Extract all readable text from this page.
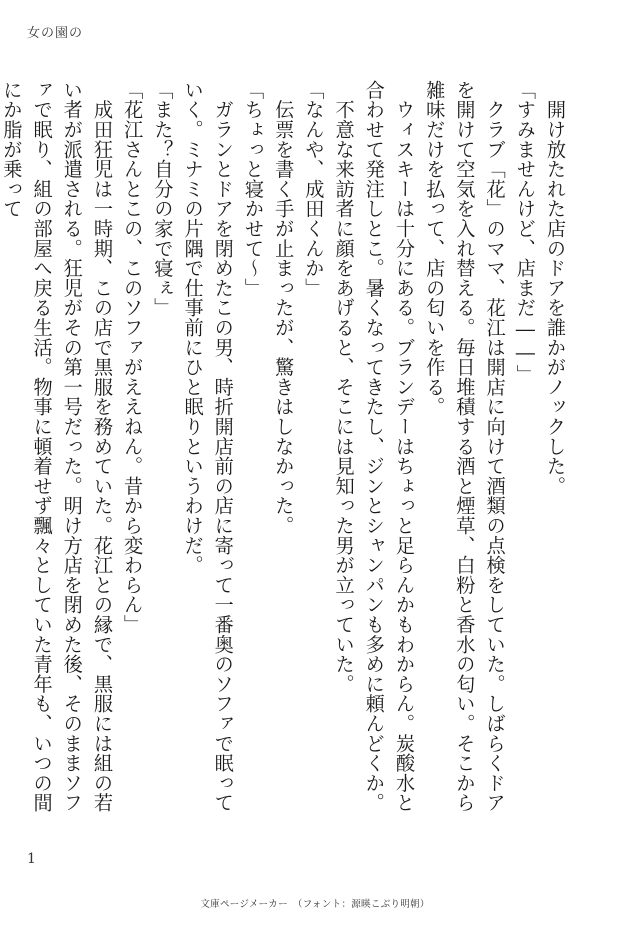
女の園の

　開け放たれた店のドアを誰かがノックした。

「すみませんけど、店まだ――」

　クラブ「花」のママ、花江は開店に向けて酒類の点検をしていた。しばらくドアを開けて空気を入れ替える。毎日堆積する酒と煙草、白粉と香水の匂い。そこから雑味だけを払って、店の匂いを作る。

　ウィスキーは十分にある。ブランデーはちょっと足らんかもわからん。炭酸水と合わせて発注しとこ。暑くなってきたし、ジンとシャンパンも多めに頼んどくか。

　不意な来訪者に顔をあげると、そこには見知った男が立っていた。

「なんや、成田くんか」

　伝票を書く手が止まったが、驚きはしなかった。

「ちょっと寝かせて〜」

　ガランとドアを閉めたこの男、時折開店前の店に寄って一番奥のソファで眠っていく。ミナミの片隅で仕事前にひと眠りというわけだ。

「また？自分の家で寝ぇ」

「花江さんとこの、このソファがええねん。昔から変わらん」

　成田狂児は一時期、この店で黒服を務めていた。花江との縁で、黒服には組の若い者が派遣される。狂児がその第一号だった。明け方店を閉めた後、そのままソファで眠り、組の部屋へ戻る生活。物事に頓着せず飄々としていた青年も、いつの間にか脂が乗って

1
文庫ページメーカー　（フォント：源暎こぶり明朝）
